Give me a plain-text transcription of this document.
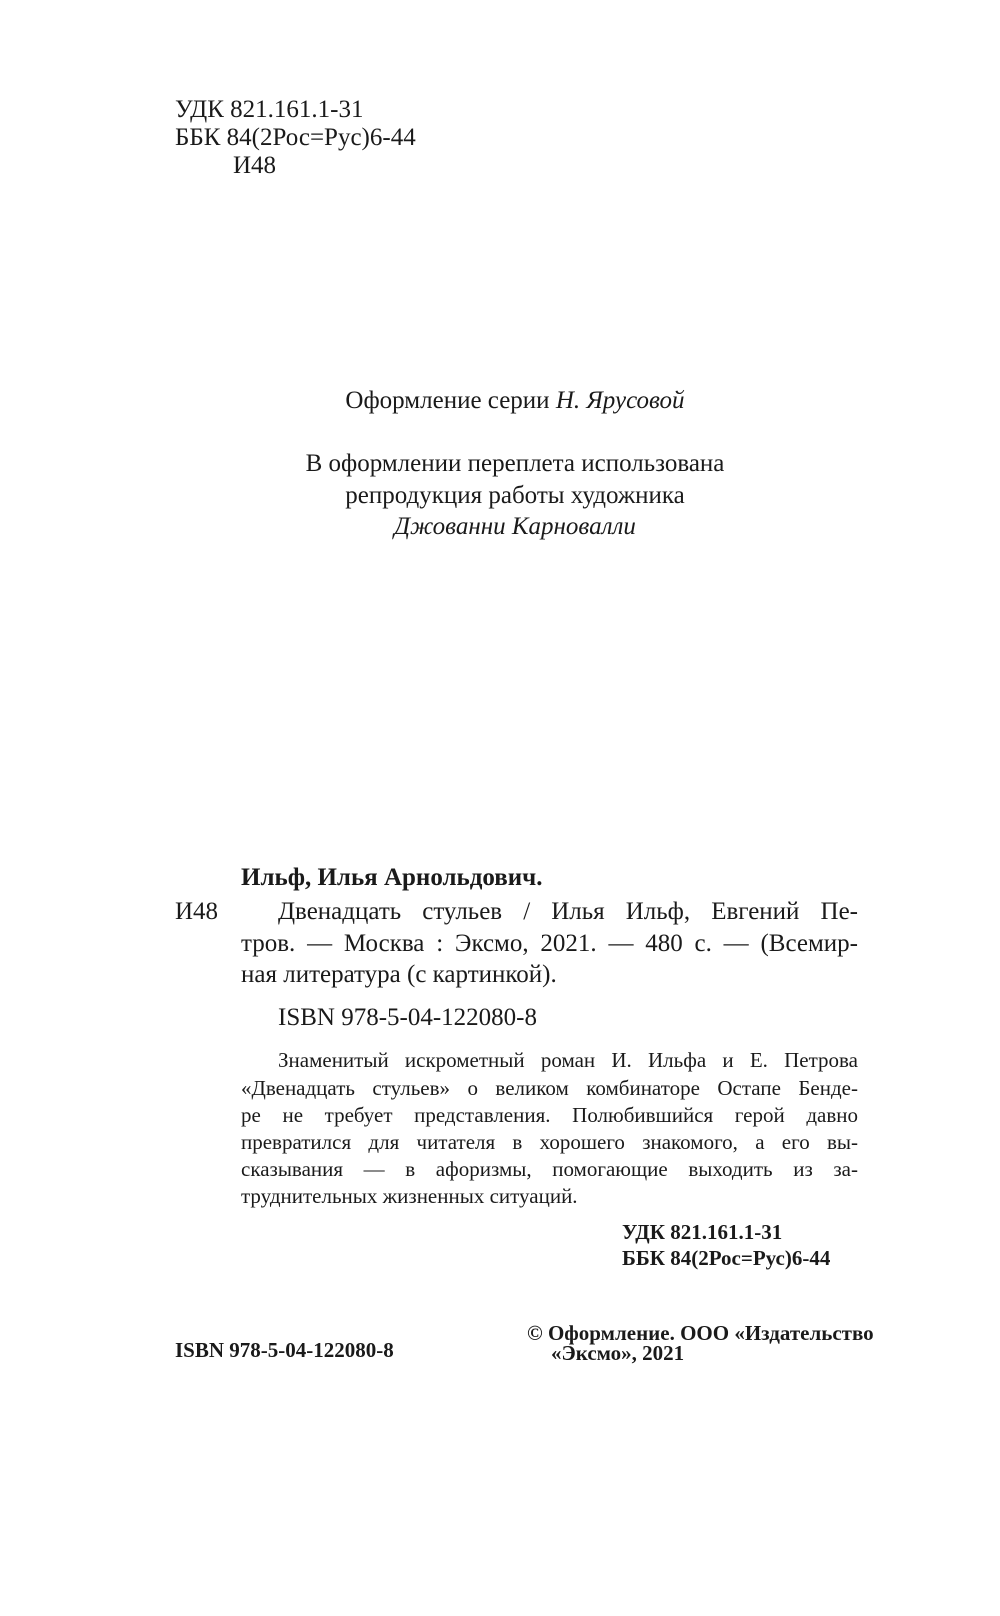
УДК 821.161.1-31
ББК 84(2Рос=Рус)6-44
И48
Оформление серии Н. Ярусовой
В оформлении переплета использована
репродукция работы художника
Джованни Карновалли
Ильф, Илья Арнольдович.
И48 Двенадцать стульев / Илья Ильф, Евгений Пе-
тров. — Москва : Эксмо, 2021. — 480 с. — (Всемир-
ная литература (с картинкой).
ISBN 978-5-04-122080-8
Знаменитый искрометный роман И. Ильфа и Е. Петрова
«Двенадцать стульев» о великом комбинаторе Остапе Бенде-
ре не требует представления. Полюбившийся герой давно
превратился для читателя в хорошего знакомого, а его вы-
сказывания — в афоризмы, помогающие выходить из за-
труднительных жизненных ситуаций.
УДК 821.161.1-31
ББК 84(2Рос=Рус)6-44
ISBN 978-5-04-122080-8
© Оформление. ООО «Издательство
«Эксмо», 2021
